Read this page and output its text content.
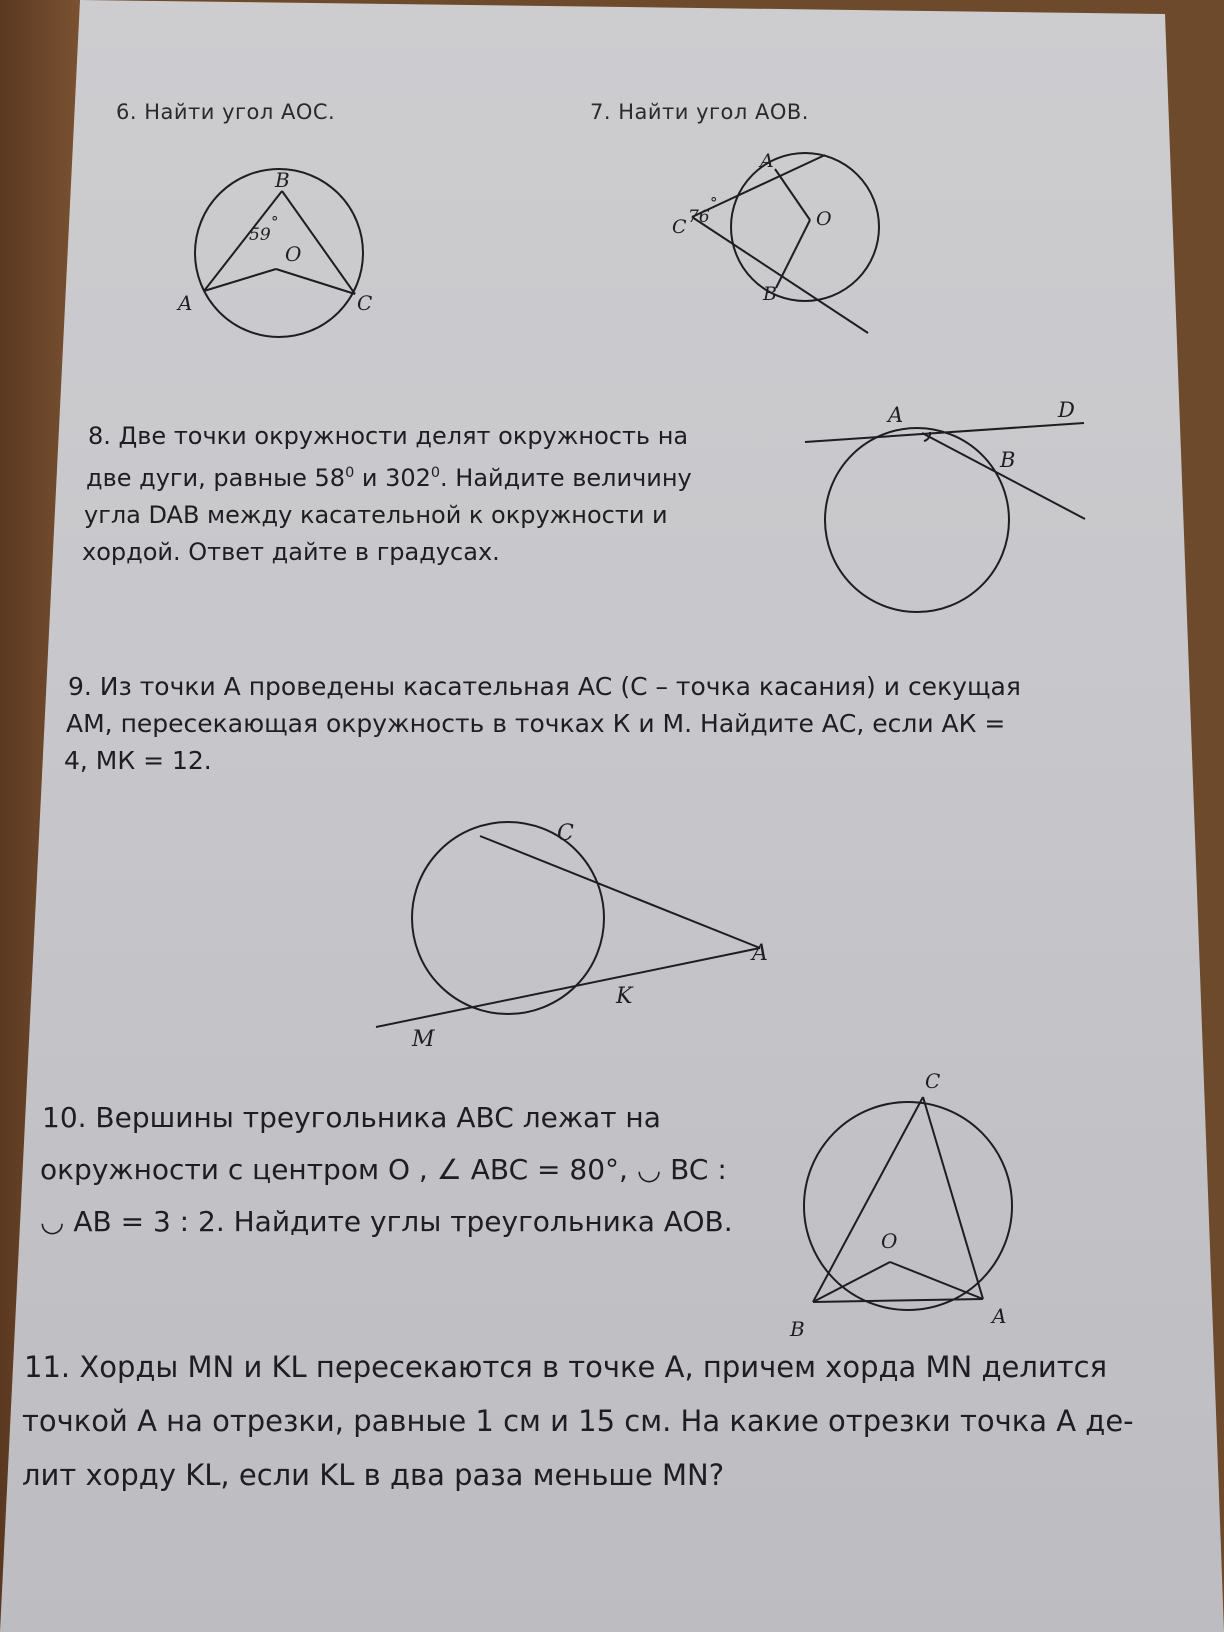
6. Найти угол АОС.
B
A	C
O
59
°
7. Найти угол АОВ.
A
B
C	O
76
°
8. Две точки окружности делят окружность на
две дуги, равные $58^0$ и $302^0$. Найдите величину
угла DAB между касательной к окружности и
хордой. Ответ дайте в градусах.
A	D
B
9. Из точки А проведены касательная АС (С – точка касания) и секущая
АМ, пересекающая окружность в точках К и М. Найдите АС, если АК =
4, МК = 12.
C
A
K
M
10. Вершины треугольника ABC лежат на
окружности с центром O , ∠ ABC = 80°, ◡ BC :
◡ AB = 3 : 2. Найдите углы треугольника AOB.
C
O
B
A
11. Хорды MN и KL пересекаются в точке A, причем хорда MN делится
точкой A на отрезки, равные 1 см и 15 см. На какие отрезки точка A де-
лит хорду KL, если KL в два раза меньше MN?
